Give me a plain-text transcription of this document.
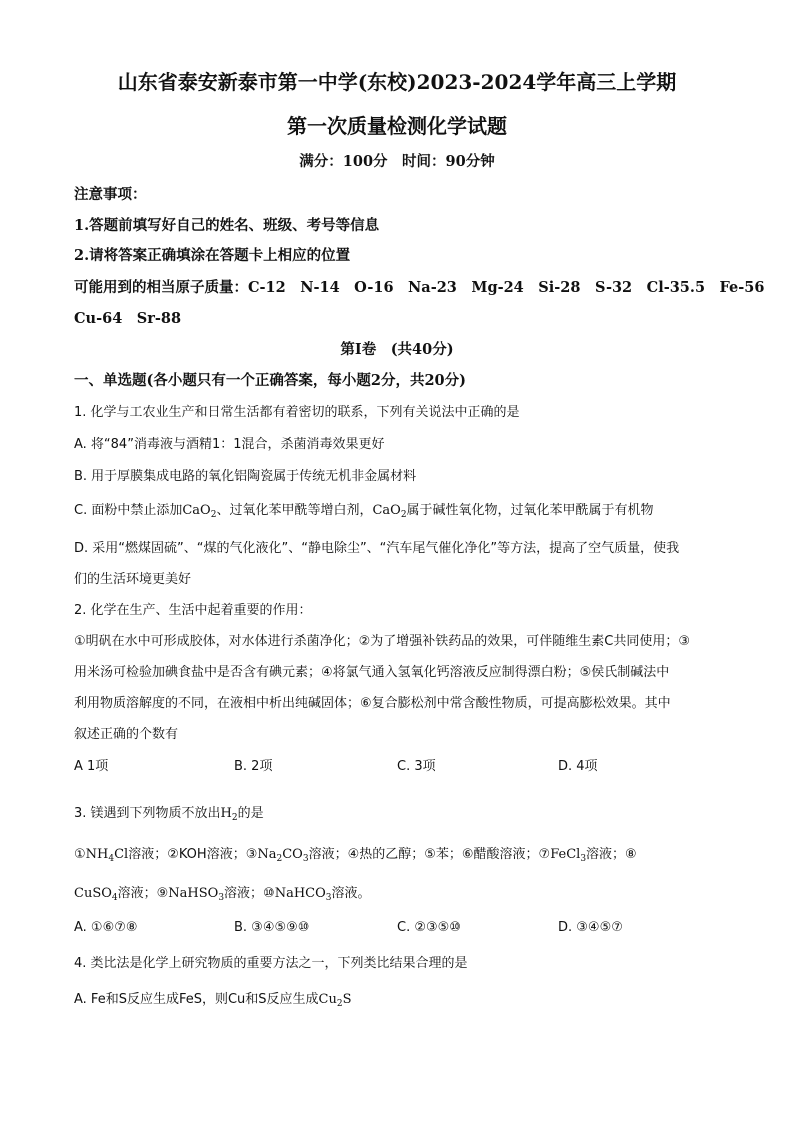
山东省泰安新泰市第一中学(东校)2023-2024学年高三上学期
第一次质量检测化学试题
满分：100分　时间：90分钟
注意事项：
1.答题前填写好自己的姓名、班级、考号等信息
2.请将答案正确填涂在答题卡上相应的位置
可能用到的相当原子质量：C-12　N-14　O-16　Na-23　Mg-24　Si-28　S-32　Cl-35.5　Fe-56
Cu-64　Sr-88
第Ⅰ卷　(共40分)
一、单选题(各小题只有一个正确答案，每小题2分，共20分)
1. 化学与工农业生产和日常生活都有着密切的联系，下列有关说法中正确的是
A. 将“84”消毒液与酒精1：1混合，杀菌消毒效果更好
B. 用于厚膜集成电路的氧化铝陶瓷属于传统无机非金属材料
C. 面粉中禁止添加CaO$_2$、过氧化苯甲酰等增白剂，CaO$_2$属于碱性氧化物，过氧化苯甲酰属于有机物
D. 采用“燃煤固硫”、“煤的气化液化”、“静电除尘”、“汽车尾气催化净化”等方法，提高了空气质量，使我
们的生活环境更美好
2. 化学在生产、生活中起着重要的作用：
①明矾在水中可形成胶体，对水体进行杀菌净化；②为了增强补铁药品的效果，可伴随维生素C共同使用；③
用米汤可检验加碘食盐中是否含有碘元素；④将氯气通入氢氧化钙溶液反应制得漂白粉；⑤侯氏制碱法中
利用物质溶解度的不同，在液相中析出纯碱固体；⑥复合膨松剂中常含酸性物质，可提高膨松效果。其中
叙述正确的个数有
A 1项	B. 2项	C. 3项	D. 4项
3. 镁遇到下列物质不放出$H_2$的是
$①NH_4Cl$溶液；②KOH溶液；$③Na_2CO_3$溶液；④热的乙醇；⑤苯；⑥醋酸溶液；⑦FeCl$_3$溶液；⑧
CuSO$_4$溶液；⑨NaHSO$_3$溶液；⑩NaHCO$_3$溶液。
A. ①⑥⑦⑧	B. ③④⑤⑨⑩	C. ②③⑤⑩	D. ③④⑤⑦
4. 类比法是化学上研究物质的重要方法之一，下列类比结果合理的是
A. Fe和S反应生成FeS，则Cu和S反应生成$Cu_2S$
